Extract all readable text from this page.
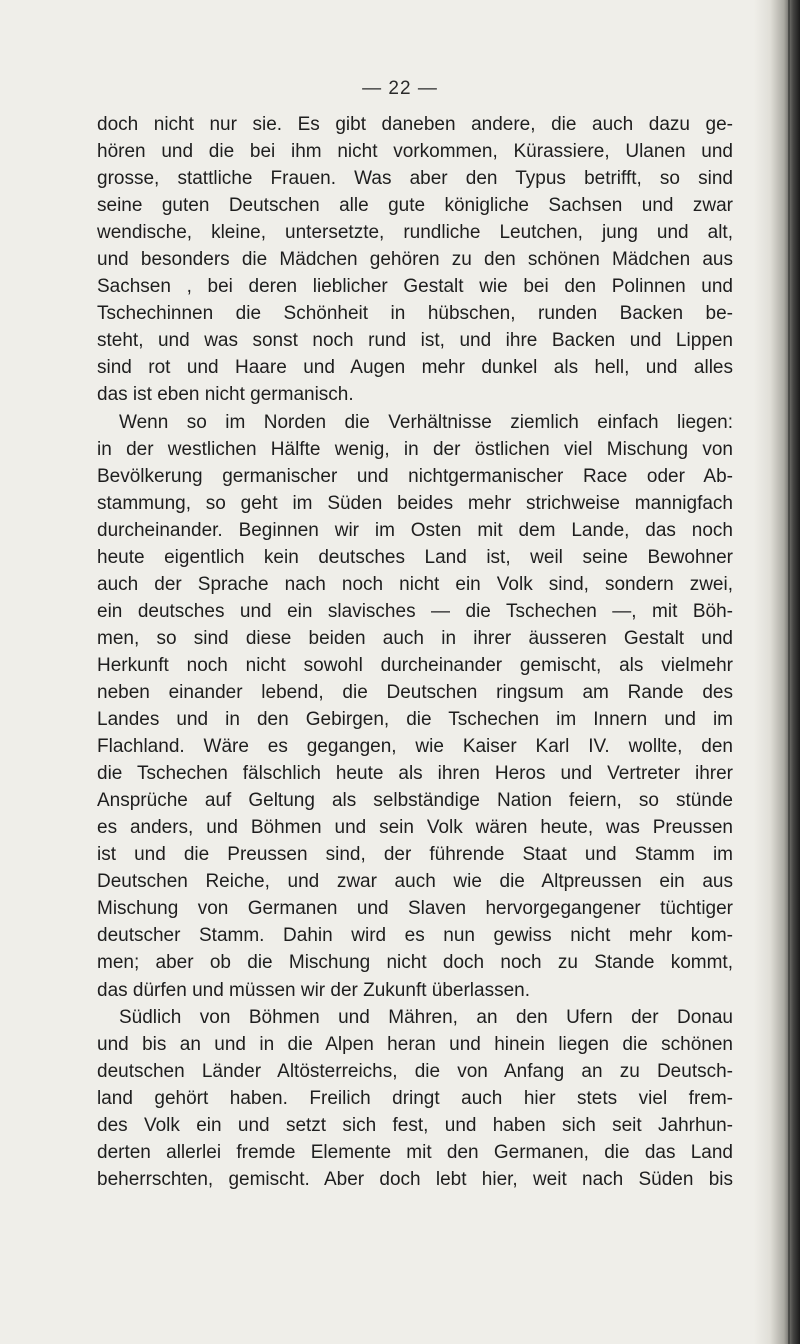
— 22 —
doch nicht nur sie. Es gibt daneben andere, die auch dazu ge-
hören und die bei ihm nicht vorkommen, Kürassiere, Ulanen und
grosse, stattliche Frauen. Was aber den Typus betrifft, so sind
seine guten Deutschen alle gute königliche Sachsen und zwar
wendische, kleine, untersetzte, rundliche Leutchen, jung und alt,
und besonders die Mädchen gehören zu den schönen Mädchen aus
Sachsen , bei deren lieblicher Gestalt wie bei den Polinnen und
Tschechinnen die Schönheit in hübschen, runden Backen be-
steht, und was sonst noch rund ist, und ihre Backen und Lippen
sind rot und Haare und Augen mehr dunkel als hell, und alles
das ist eben nicht germanisch.
Wenn so im Norden die Verhältnisse ziemlich einfach liegen:
in der westlichen Hälfte wenig, in der östlichen viel Mischung von
Bevölkerung germanischer und nichtgermanischer Race oder Ab-
stammung, so geht im Süden beides mehr strichweise mannigfach
durcheinander. Beginnen wir im Osten mit dem Lande, das noch
heute eigentlich kein deutsches Land ist, weil seine Bewohner
auch der Sprache nach noch nicht ein Volk sind, sondern zwei,
ein deutsches und ein slavisches — die Tschechen —, mit Böh-
men, so sind diese beiden auch in ihrer äusseren Gestalt und
Herkunft noch nicht sowohl durcheinander gemischt, als vielmehr
neben einander lebend, die Deutschen ringsum am Rande des
Landes und in den Gebirgen, die Tschechen im Innern und im
Flachland. Wäre es gegangen, wie Kaiser Karl IV. wollte, den
die Tschechen fälschlich heute als ihren Heros und Vertreter ihrer
Ansprüche auf Geltung als selbständige Nation feiern, so stünde
es anders, und Böhmen und sein Volk wären heute, was Preussen
ist und die Preussen sind, der führende Staat und Stamm im
Deutschen Reiche, und zwar auch wie die Altpreussen ein aus
Mischung von Germanen und Slaven hervorgegangener tüchtiger
deutscher Stamm. Dahin wird es nun gewiss nicht mehr kom-
men; aber ob die Mischung nicht doch noch zu Stande kommt,
das dürfen und müssen wir der Zukunft überlassen.
Südlich von Böhmen und Mähren, an den Ufern der Donau
und bis an und in die Alpen heran und hinein liegen die schönen
deutschen Länder Altösterreichs, die von Anfang an zu Deutsch-
land gehört haben. Freilich dringt auch hier stets viel frem-
des Volk ein und setzt sich fest, und haben sich seit Jahrhun-
derten allerlei fremde Elemente mit den Germanen, die das Land
beherrschten, gemischt. Aber doch lebt hier, weit nach Süden bis
